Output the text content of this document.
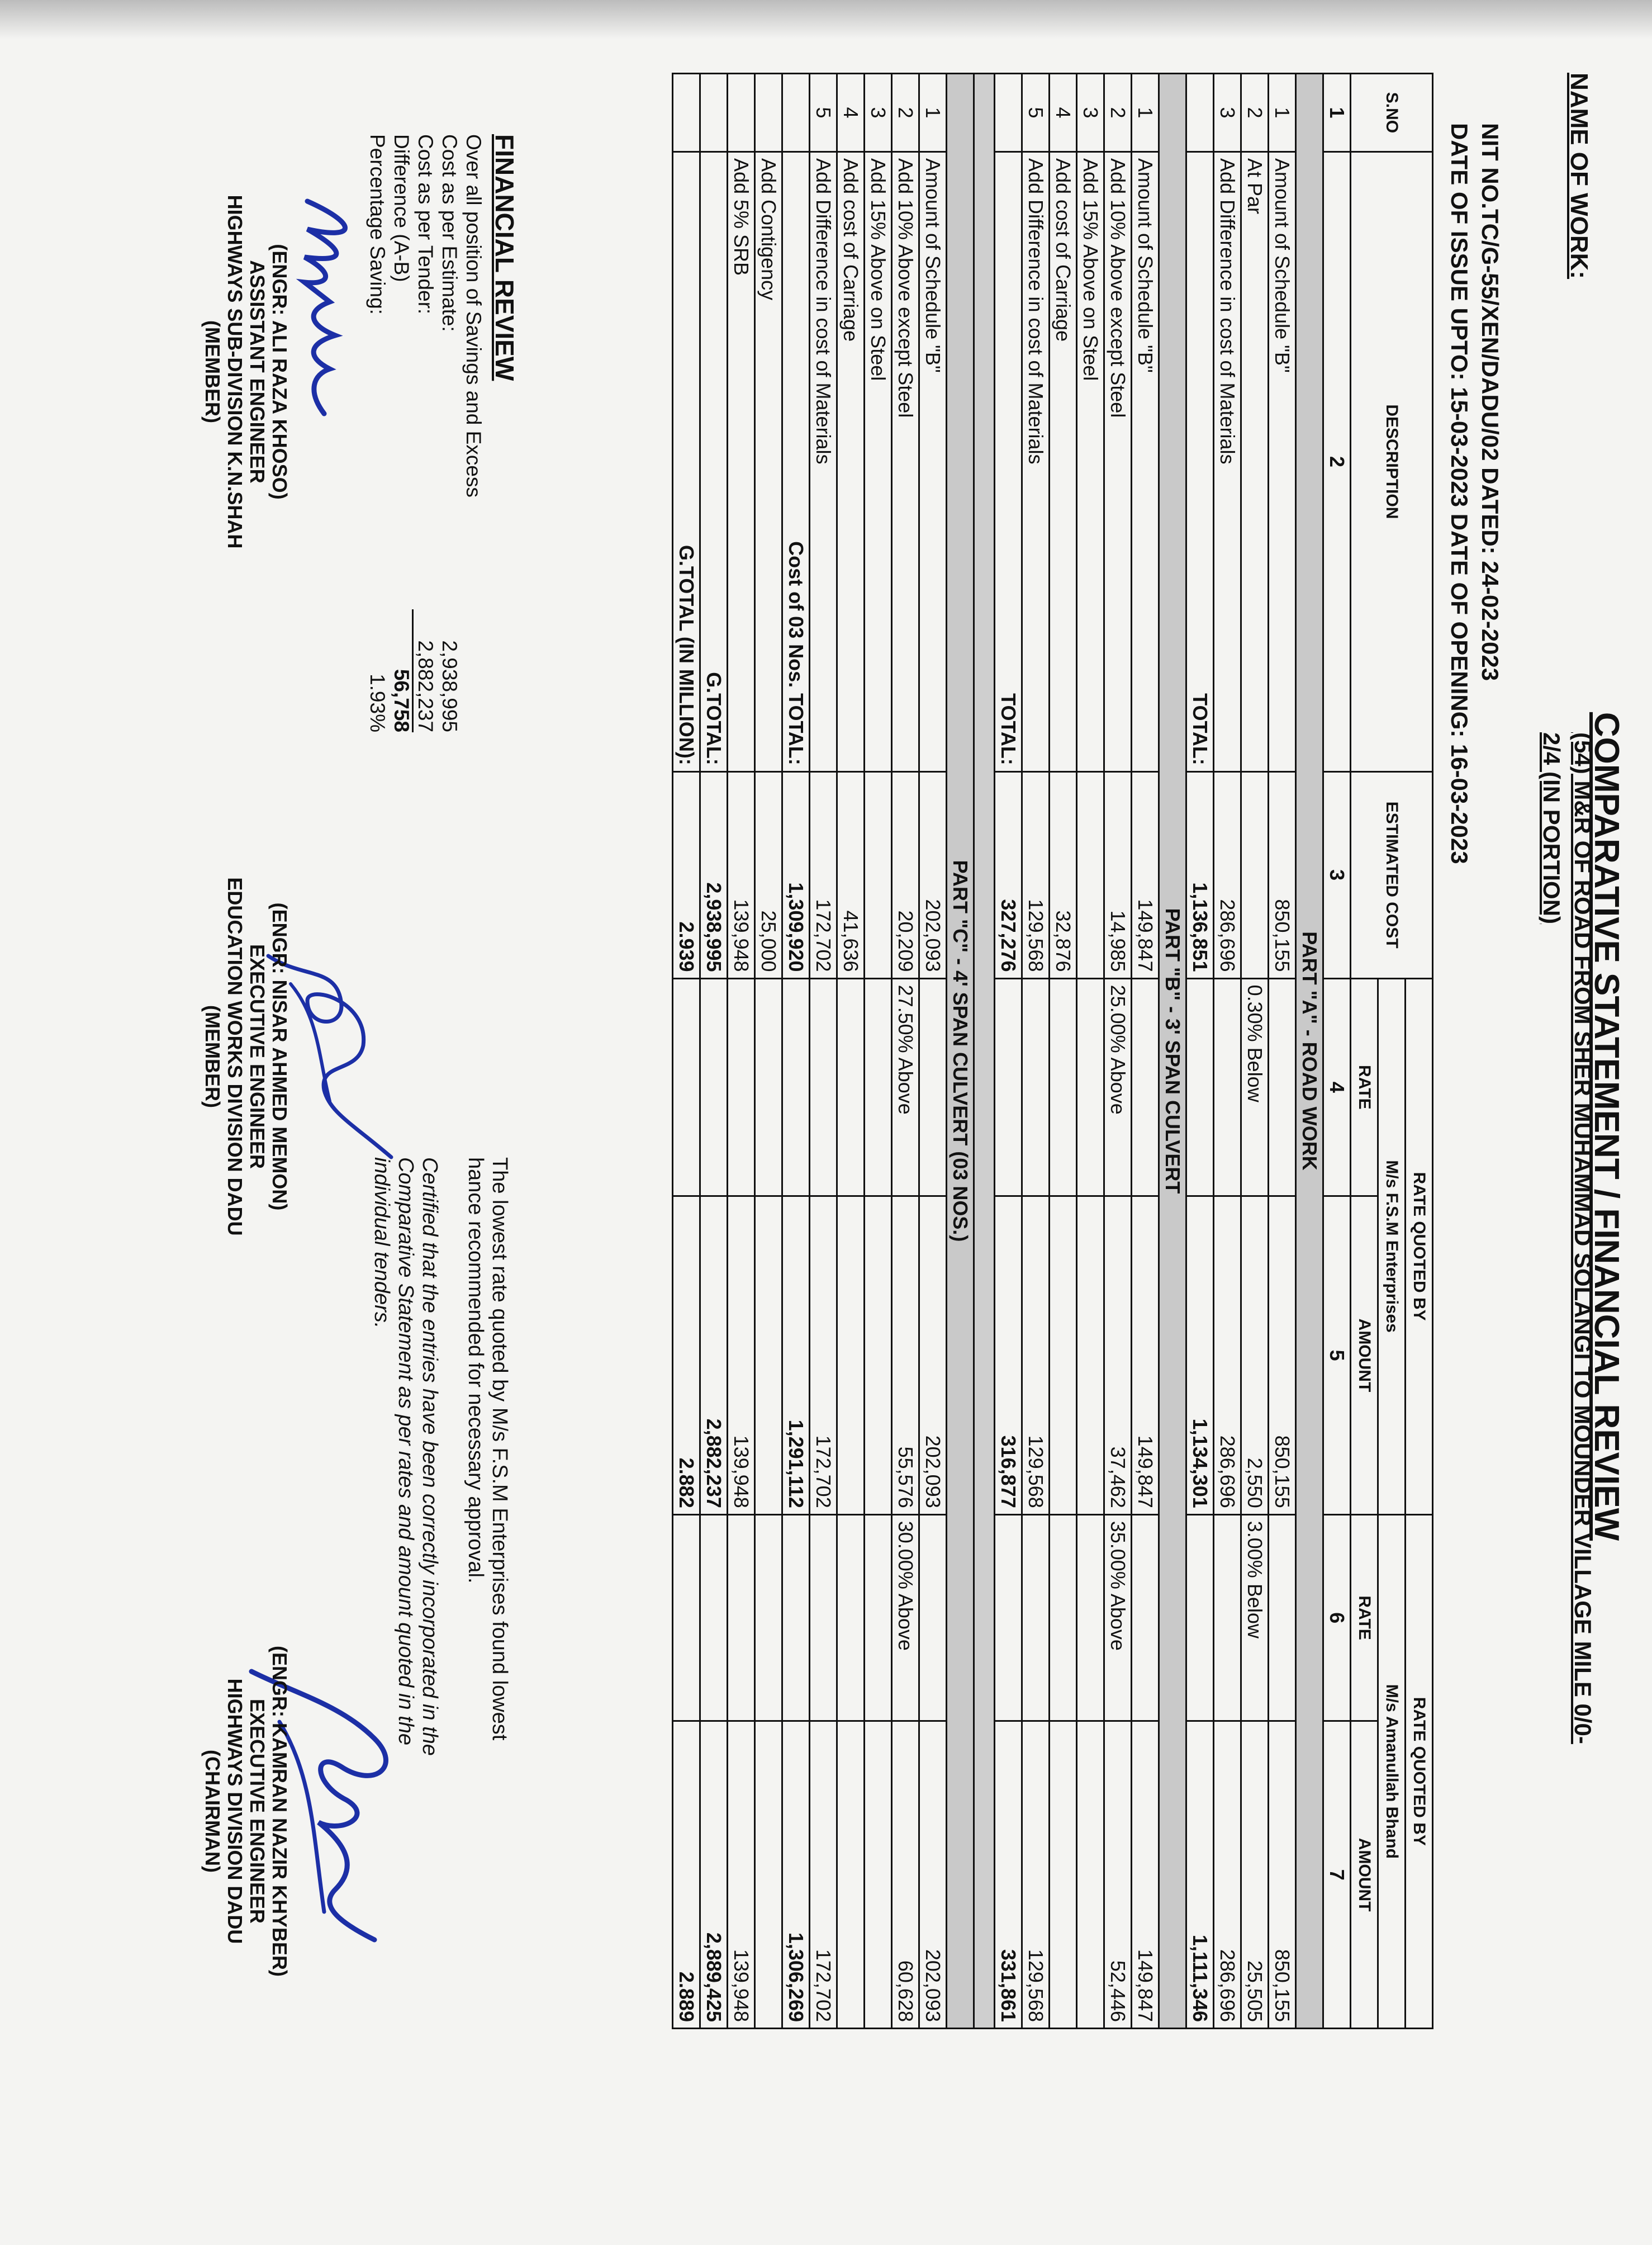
COMPARATIVE STATEMENT / FINANCIAL REVIEW
NAME OF WORK:
(54) M&R OF ROAD FROM SHER MUHAMMAD SOLANGI TO MOUNDER VILLAGE MILE 0/0-
2/4 (IN PORTION)
NIT NO.TC/G-55/XEN/DADU/02 DATED: 24-02-2023
DATE OF ISSUE UPTO: 15-03-2023 DATE OF OPENING: 16-03-2023
S.NO	DESCRIPTION	ESTIMATED COST	RATE QUOTED BY		RATE QUOTED BY	
			M/s F.S.M Enterprises		M/s Amanullah Bhand	
			RATE	AMOUNT	RATE	AMOUNT
1	2	3	4	5	6	7
PART "A" - ROAD WORK						
1	Amount of Schedule "B"	850,155		850,155		850,155
2	At Par		0.30% Below	2,550	3.00% Below	25,505
3	Add Difference in cost of Materials	286,696		286,696		286,696
	TOTAL:	1,136,851		1,134,301		1,111,346
PART "B" - 3' SPAN CULVERT						
1	Amount of Schedule "B"	149,847		149,847		149,847
2	Add 10% Above except Steel	14,985	25.00% Above	37,462	35.00% Above	52,446
3	Add 15% Above on Steel					
4	Add cost of Carriage	32,876				
5	Add Difference in cost of Materials	129,568		129,568		129,568
	TOTAL:	327,276		316,877		331,861

PART "C" - 4' SPAN CULVERT (03 NOS.)						
1	Amount of Schedule "B"	202,093		202,093		202,093
2	Add 10% Above except Steel	20,209	27.50% Above	55,576	30.00% Above	60,628
3	Add 15% Above on Steel					
4	Add cost of Carriage	41,636				
5	Add Difference in cost of Materials	172,702		172,702		172,702
	Cost of 03 Nos. TOTAL:	1,309,920		1,291,112		1,306,269
	Add Contigency	25,000				
	Add 5% SRB	139,948		139,948		139,948
	G.TOTAL:	2,938,995		2,882,237		2,889,425
	G.TOTAL (IN MILLION):	2.939		2.882		2.889
FINANCIAL REVIEW
Over all position of Savings and Excess
Cost as per Estimate:
2,938,995
Cost as per Tender:
2,882,237
Difference (A-B)
56,758
Percentage Saving:
1.93%
The lowest rate quoted by M/s F.S.M Enterprises found lowest
hance recommended for necessary approval.
Certified that the entries have been correctly incorporated in the
Comparative Statement as per rates and amount quoted in the
individual tenders.
(ENGR: ALI RAZA KHOSO)
ASSISTANT ENGINEER
HIGHWAYS SUB-DIVISION K.N.SHAH
(MEMBER)
(ENGR: NISAR AHMED MEMON)
EXECUTIVE ENGINEER
EDUCATION WORKS DIVISION DADU
(MEMBER)
(ENGR: KAMRAN NAZIR KHYBER)
EXECUTIVE ENGINEER
HIGHWAYS DIVISION DADU
(CHAIRMAN)
